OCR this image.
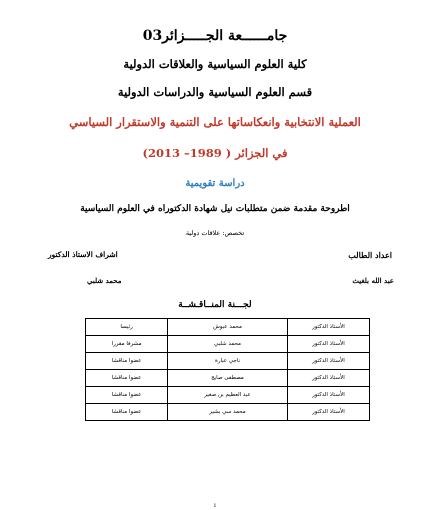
جامــــــعة الجـــــزائر03
كلية العلوم السياسية والعلاقات الدولية
قسم العلوم السياسية والدراسات الدولية
العملية الانتخابية وانعكاساتها على التنمية والاستقرار السياسي
في الجزائر ( 1989– 2013)
دراسة تقويمية
اطروحة مقدمة ضمن متطلبات نيل شهادة الدكتوراه في العلوم السياسية
تخصص: علاقات دولية
اعداد الطالب
اشراف الاستاذ الدكتور
عبد الله بلغيث
محمد شلبي
لجـــنة المنــاقـشــة
الأستاذ الدكتور	محمد عبوش	رئيسا
الأستاذ الدكتور	محمد شلبي	مشرفا مقررا
الأستاذ الدكتور	ناجي عبارة	عضوا مناقشا
الأستاذ الدكتور	مصطفى صايج	عضوا مناقشا
الأستاذ الدكتور	عبد العظيم بن صغير	عضوا مناقشا
الأستاذ الدكتور	محمد سي بشير	عضوا مناقشا
1
